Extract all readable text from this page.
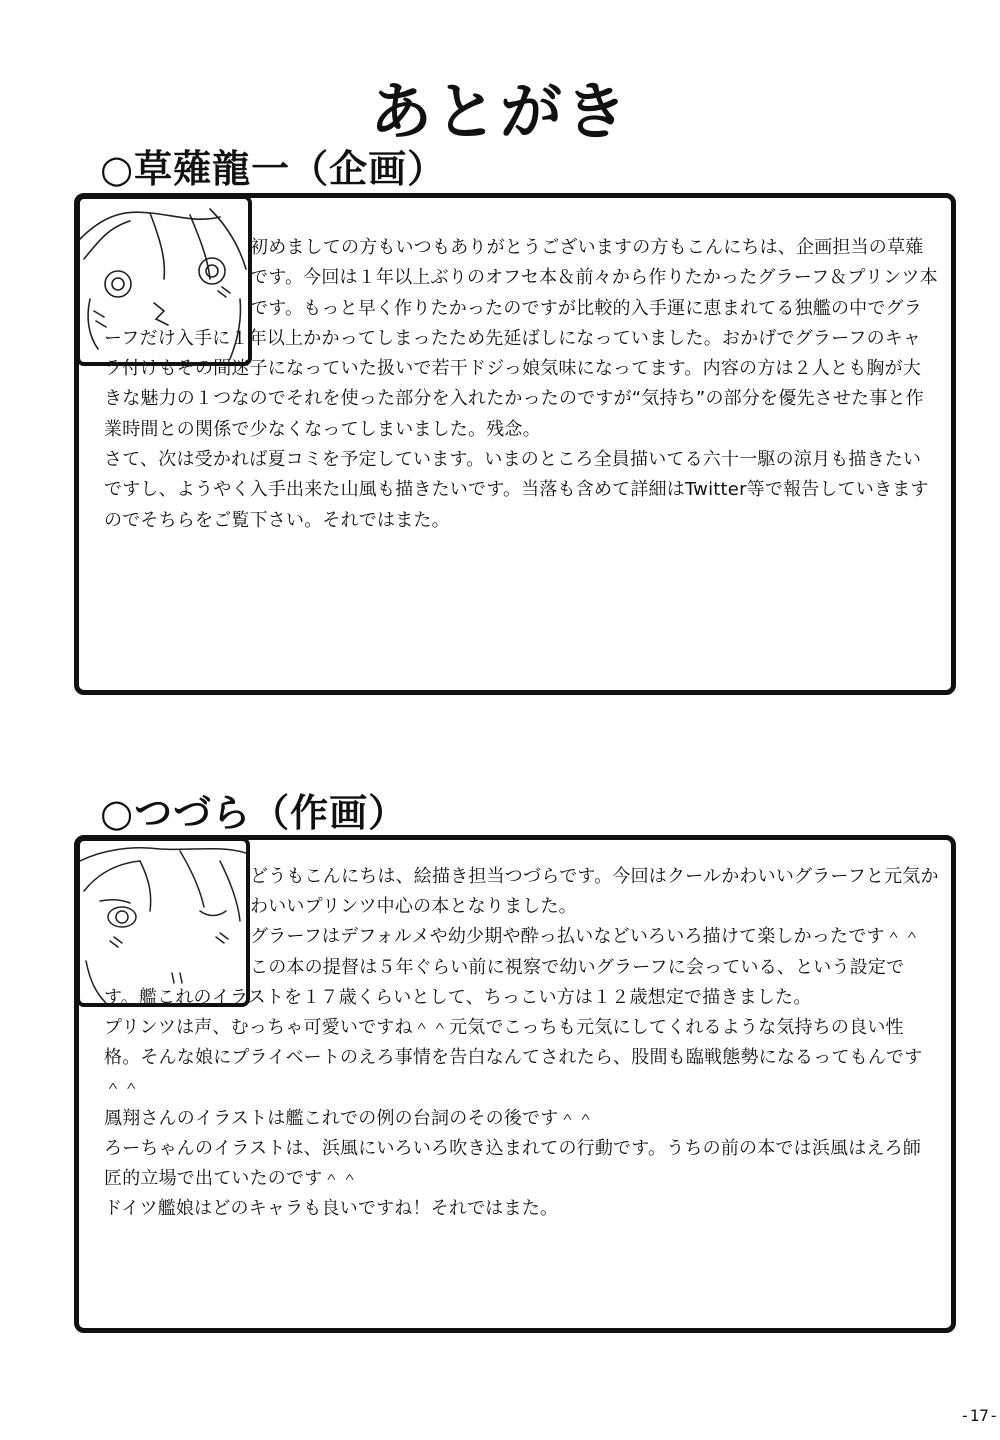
あとがき
○草薙龍一（企画）

初めましての方もいつもありがとうございますの方もこんにちは、企画担当の草薙です。今回は１年以上ぶりのオフセ本＆前々から作りたかったグラーフ＆プリンツ本です。もっと早く作りたかったのですが比較的入手運に恵まれてる独艦の中でグラーフだけ入手に１年以上かかってしまったため先延ばしになっていました。おかげでグラーフのキャラ付けもその間迷子になっていた扱いで若干ドジっ娘気味になってます。内容の方は２人とも胸が大きな魅力の１つなのでそれを使った部分を入れたかったのですが“気持ち”の部分を優先させた事と作業時間との関係で少なくなってしまいました。残念。
さて、次は受かれば夏コミを予定しています。いまのところ全員描いてる六十一駆の涼月も描きたいですし、ようやく入手出来た山風も描きたいです。当落も含めて詳細はTwitter等で報告していきますのでそちらをご覧下さい。それではまた。

○つづら（作画）

どうもこんにちは、絵描き担当つづらです。今回はクールかわいいグラーフと元気かわいいプリンツ中心の本となりました。
グラーフはデフォルメや幼少期や酔っ払いなどいろいろ描けて楽しかったです＾＾この本の提督は５年ぐらい前に視察で幼いグラーフに会っている、という設定です。艦これのイラストを１７歳くらいとして、ちっこい方は１２歳想定で描きました。
プリンツは声、むっちゃ可愛いですね＾＾元気でこっちも元気にしてくれるような気持ちの良い性格。そんな娘にプライベートのえろ事情を告白なんてされたら、股間も臨戦態勢になるってもんです＾＾
鳳翔さんのイラストは艦これでの例の台詞のその後です＾＾
ろーちゃんのイラストは、浜風にいろいろ吹き込まれての行動です。うちの前の本では浜風はえろ師匠的立場で出ていたのです＾＾
ドイツ艦娘はどのキャラも良いですね！それではまた。

-17-
